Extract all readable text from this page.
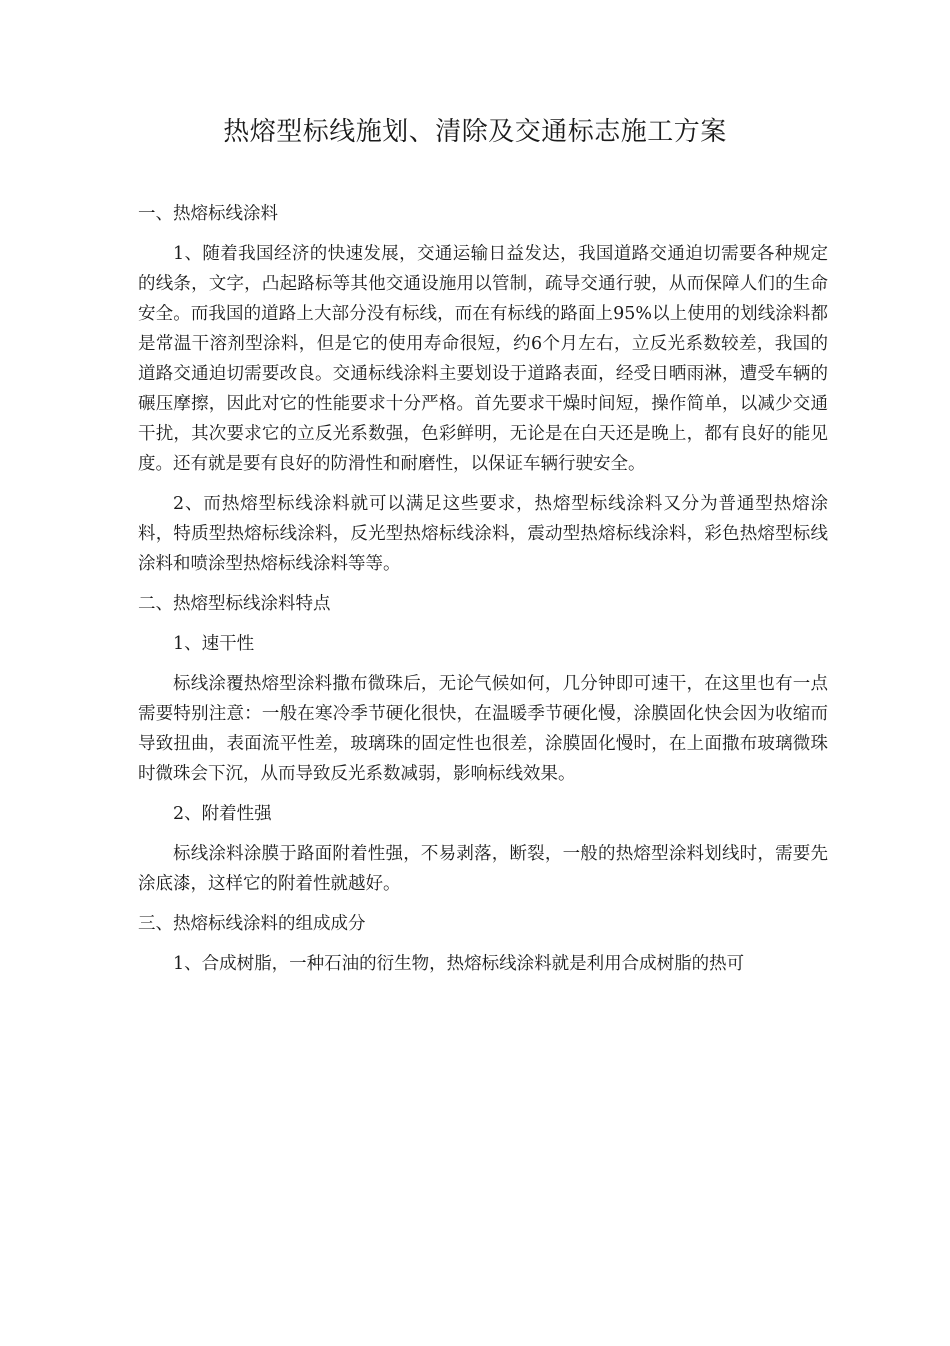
热熔型标线施划、清除及交通标志施工方案

一、热熔标线涂料

1、随着我国经济的快速发展，交通运输日益发达，我国道路交通迫切需要各种规定的线条，文字，凸起路标等其他交通设施用以管制，疏导交通行驶，从而保障人们的生命安全。而我国的道路上大部分没有标线，而在有标线的路面上95%以上使用的划线涂料都是常温干溶剂型涂料，但是它的使用寿命很短，约6个月左右，立反光系数较差，我国的道路交通迫切需要改良。交通标线涂料主要划设于道路表面，经受日晒雨淋，遭受车辆的碾压摩擦，因此对它的性能要求十分严格。首先要求干燥时间短，操作简单，以减少交通干扰，其次要求它的立反光系数强，色彩鲜明，无论是在白天还是晚上，都有良好的能见度。还有就是要有良好的防滑性和耐磨性，以保证车辆行驶安全。

2、而热熔型标线涂料就可以满足这些要求，热熔型标线涂料又分为普通型热熔涂料，特质型热熔标线涂料，反光型热熔标线涂料，震动型热熔标线涂料，彩色热熔型标线涂料和喷涂型热熔标线涂料等等。

二、热熔型标线涂料特点

1、速干性

标线涂覆热熔型涂料撒布微珠后，无论气候如何，几分钟即可速干，在这里也有一点需要特别注意：一般在寒冷季节硬化很快，在温暖季节硬化慢，涂膜固化快会因为收缩而导致扭曲，表面流平性差，玻璃珠的固定性也很差，涂膜固化慢时，在上面撒布玻璃微珠时微珠会下沉，从而导致反光系数减弱，影响标线效果。

2、附着性强

标线涂料涂膜于路面附着性强，不易剥落，断裂，一般的热熔型涂料划线时，需要先涂底漆，这样它的附着性就越好。

三、热熔标线涂料的组成成分

1、合成树脂，一种石油的衍生物，热熔标线涂料就是利用合成树脂的热可
